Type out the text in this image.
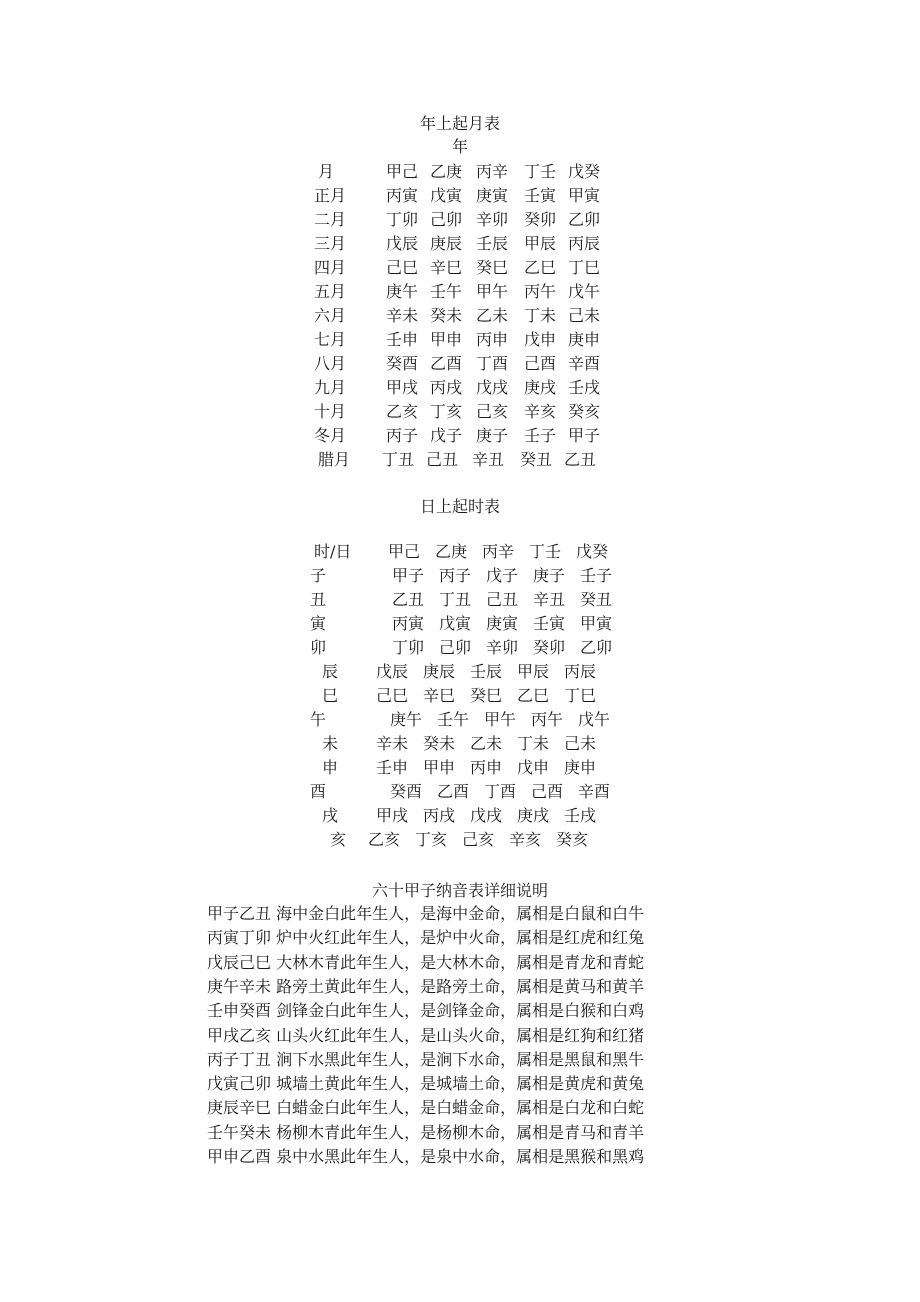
年上起月表
年
月	甲己 乙庚 丙辛 丁壬 戊癸
正月 丙寅 戊寅 庚寅 壬寅 甲寅
二月 丁卯 己卯 辛卯 癸卯 乙卯
三月 戊辰 庚辰 壬辰 甲辰 丙辰
四月 己巳 辛巳 癸巳 乙巳 丁巳
五月 庚午 壬午 甲午 丙午 戊午
六月 辛未 癸未 乙未 丁未 己未
七月 壬申 甲申 丙申 戊申 庚申
八月 癸酉 乙酉 丁酉 己酉 辛酉
九月 甲戌 丙戌 戊戌 庚戌 壬戌
十月 乙亥 丁亥 己亥 辛亥 癸亥
冬月 丙子 戊子 庚子 壬子 甲子
腊月 丁丑 己丑 辛丑 癸丑 乙丑
日上起时表
时/日 甲己 乙庚 丙辛 丁壬 戊癸
子	甲子 丙子 戊子 庚子 壬子
丑	乙丑 丁丑 己丑 辛丑 癸丑
寅	丙寅 戊寅 庚寅 壬寅 甲寅
卯	丁卯 己卯 辛卯 癸卯 乙卯
辰 戊辰 庚辰 壬辰 甲辰 丙辰
巳 己巳 辛巳 癸巳 乙巳 丁巳
午	庚午 壬午 甲午 丙午 戊午
未 辛未 癸未 乙未 丁未 己未
申 壬申 甲申 丙申 戊申 庚申
酉	癸酉 乙酉 丁酉 己酉 辛酉
戌 甲戌 丙戌 戊戌 庚戌 壬戌
亥 乙亥 丁亥 己亥 辛亥 癸亥
六十甲子纳音表详细说明
甲子乙丑 海中金白此年生人，是海中金命，属相是白鼠和白牛
丙寅丁卯 炉中火红此年生人，是炉中火命，属相是红虎和红兔
戊辰己巳 大林木青此年生人，是大林木命，属相是青龙和青蛇
庚午辛未 路旁土黄此年生人，是路旁土命，属相是黄马和黄羊
壬申癸酉 剑锋金白此年生人，是剑锋金命，属相是白猴和白鸡
甲戌乙亥 山头火红此年生人，是山头火命，属相是红狗和红猪
丙子丁丑 涧下水黑此年生人，是涧下水命，属相是黑鼠和黑牛
戊寅己卯 城墙土黄此年生人，是城墙土命，属相是黄虎和黄兔
庚辰辛巳 白蜡金白此年生人，是白蜡金命，属相是白龙和白蛇
壬午癸未 杨柳木青此年生人，是杨柳木命，属相是青马和青羊
甲申乙酉 泉中水黑此年生人，是泉中水命，属相是黑猴和黑鸡
